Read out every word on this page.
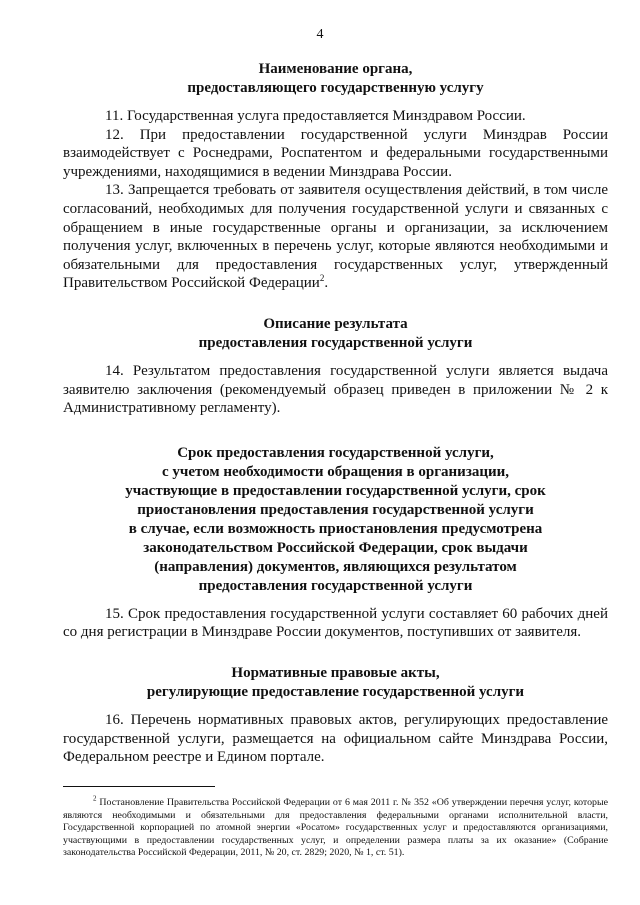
4
Наименование органа,
предоставляющего государственную услугу

11. Государственная услуга предоставляется Минздравом России.

12. При предоставлении государственной услуги Минздрав России взаимодействует с Роснедрами, Роспатентом и федеральными государственными учреждениями, находящимися в ведении Минздрава России.

13. Запрещается требовать от заявителя осуществления действий, в том числе согласований, необходимых для получения государственной услуги и связанных с обращением в иные государственные органы и организации, за исключением получения услуг, включенных в перечень услуг, которые являются необходимыми и обязательными для предоставления государственных услуг, утвержденный Правительством Российской Федерации$^2$.

Описание результата
предоставления государственной услуги

14. Результатом предоставления государственной услуги является выдача заявителю заключения (рекомендуемый образец приведен в приложении № 2 к Административному регламенту).

Срок предоставления государственной услуги,
с учетом необходимости обращения в организации,
участвующие в предоставлении государственной услуги, срок
приостановления предоставления государственной услуги
в случае, если возможность приостановления предусмотрена
законодательством Российской Федерации, срок выдачи
(направления) документов, являющихся результатом
предоставления государственной услуги

15. Срок предоставления государственной услуги составляет 60 рабочих дней со дня регистрации в Минздраве России документов, поступивших от заявителя.

Нормативные правовые акты,
регулирующие предоставление государственной услуги

16. Перечень нормативных правовых актов, регулирующих предоставление государственной услуги, размещается на официальном сайте Минздрава России, Федеральном реестре и Едином портале.

$^2$ Постановление Правительства Российской Федерации от 6 мая 2011 г. № 352 «Об утверждении перечня услуг, которые являются необходимыми и обязательными для предоставления федеральными органами исполнительной власти, Государственной корпорацией по атомной энергии «Росатом» государственных услуг и предоставляются организациями, участвующими в предоставлении государственных услуг, и определении размера платы за их оказание» (Собрание законодательства Российской Федерации, 2011, № 20, ст. 2829; 2020, № 1, ст. 51).
